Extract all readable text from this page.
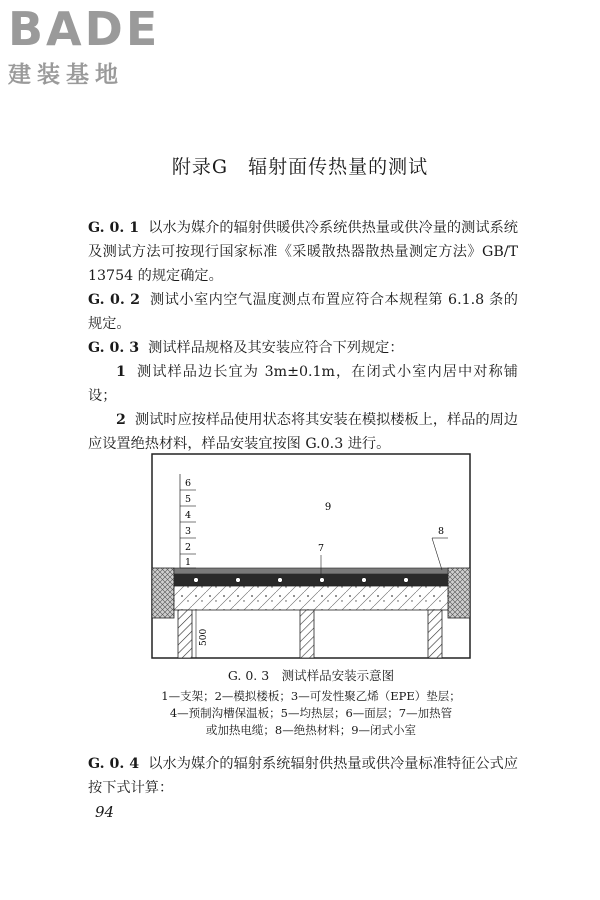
BADE
建装基地
附录G　辐射面传热量的测试
G. 0. 1 以水为媒介的辐射供暖供冷系统供热量或供冷量的测试系统及测试方法可按现行国家标准《采暖散热器散热量测定方法》GB/T 13754 的规定确定。
G. 0. 2 测试小室内空气温度测点布置应符合本规程第 6.1.8 条的规定。
G. 0. 3 测试样品规格及其安装应符合下列规定：
1 测试样品边长宜为 3m±0.1m，在闭式小室内居中对称铺设；
2 测试时应按样品使用状态将其安装在模拟楼板上，样品的周边应设置绝热材料，样品安装宜按图 G.0.3 进行。
6
5
4
3
2
1
9
7
8
500
G. 0. 3　测试样品安装示意图
1—支架；2—模拟楼板；3—可发性聚乙烯（EPE）垫层；
4—预制沟槽保温板；5—均热层；6—面层；7—加热管
或加热电缆；8—绝热材料；9—闭式小室
G. 0. 4 以水为媒介的辐射系统辐射供热量或供冷量标准特征公式应按下式计算：
94
